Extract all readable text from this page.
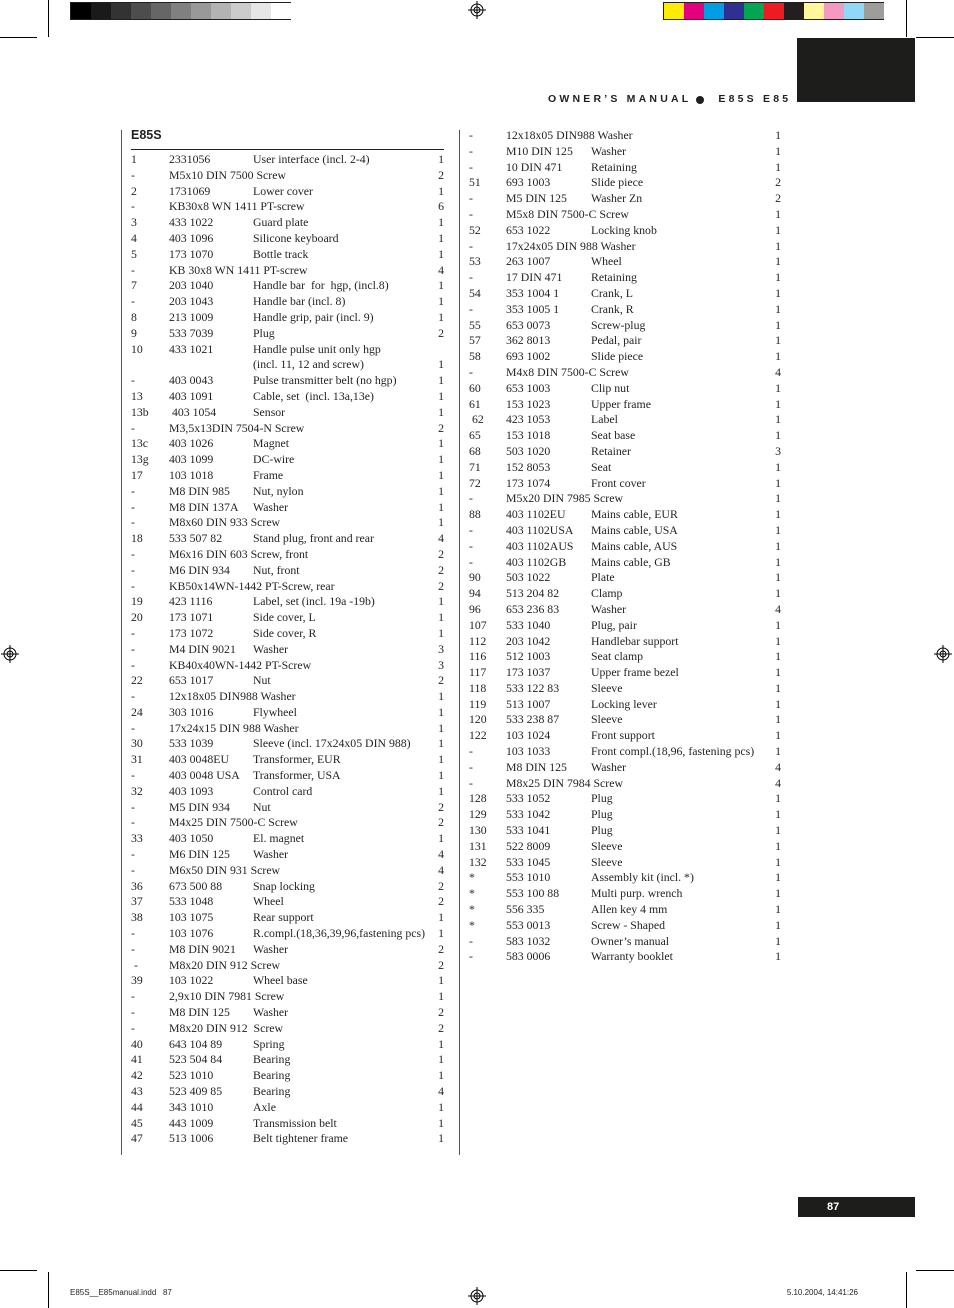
OWNER’S MANUAL	E85S E85
E85S
1	2331056	User interface (incl. 2-4)	1
-	M5x10 DIN 7500 Screw	2
2	1731069	Lower cover	1
-	KB30x8 WN 1411 PT-screw	6
3	433 1022	Guard plate	1
4	403 1096	Silicone keyboard	1
5	173 1070	Bottle track	1
-	KB 30x8 WN 1411 PT-screw	4
7	203 1040	Handle bar  for  hgp, (incl.8)	1
-	203 1043	Handle bar (incl. 8)	1
8	213 1009	Handle grip, pair (incl. 9)	1
9	533 7039	Plug	2
10	433 1021	Handle pulse unit only hgp
(incl. 11, 12 and screw)	1
-	403 0043	Pulse transmitter belt (no hgp)	1
13	403 1091	Cable, set  (incl. 13a,13e)	1
13b	403 1054	Sensor	1
-	M3,5x13DIN 7504-N Screw	2
13c	403 1026	Magnet	1
13g	403 1099	DC-wire	1
17	103 1018	Frame	1
-	M8 DIN 985	Nut, nylon	1
-	M8 DIN 137A	Washer	1
-	M8x60 DIN 933 Screw	1
18	533 507 82	Stand plug, front and rear	4
-	M6x16 DIN 603 Screw, front	2
-	M6 DIN 934	Nut, front	2
-	KB50x14WN-1442 PT-Screw, rear	2
19	423 1116	Label, set (incl. 19a -19b)	1
20	173 1071	Side cover, L	1
-	173 1072	Side cover, R	1
-	M4 DIN 9021	Washer	3
-	KB40x40WN-1442 PT-Screw	3
22	653 1017	Nut	2
-	12x18x05 DIN988 Washer	1
24	303 1016	Flywheel	1
-	17x24x15 DIN 988 Washer	1
30	533 1039	Sleeve (incl. 17x24x05 DIN 988)	1
31	403 0048EU	Transformer, EUR	1
-	403 0048 USA	Transformer, USA	1
32	403 1093	Control card	1
-	M5 DIN 934	Nut	2
-	M4x25 DIN 7500-C Screw	2
33	403 1050	El. magnet	1
-	M6 DIN 125	Washer	4
-	M6x50 DIN 931 Screw	4
36	673 500 88	Snap locking	2
37	533 1048	Wheel	2
38	103 1075	Rear support	1
-	103 1076	R.compl.(18,36,39,96,fastening pcs)	1
-	M8 DIN 9021	Washer	2
-	M8x20 DIN 912 Screw	2
39	103 1022	Wheel base	1
-	2,9x10 DIN 7981 Screw	1
-	M8 DIN 125	Washer	2
-	M8x20 DIN 912  Screw	2
40	643 104 89	Spring	1
41	523 504 84	Bearing	1
42	523 1010	Bearing	1
43	523 409 85	Bearing	4
44	343 1010	Axle	1
45	443 1009	Transmission belt	1
47	513 1006	Belt tightener frame	1
-	12x18x05 DIN988 Washer	1
-	M10 DIN 125	Washer	1
-	10 DIN 471	Retaining	1
51	693 1003	Slide piece	2
-	M5 DIN 125	Washer Zn	2
-	M5x8 DIN 7500-C Screw	1
52	653 1022	Locking knob	1
-	17x24x05 DIN 988 Washer	1
53	263 1007	Wheel	1
-	17 DIN 471	Retaining	1
54	353 1004 1	Crank, L	1
-	353 1005 1	Crank, R	1
55	653 0073	Screw-plug	1
57	362 8013	Pedal, pair	1
58	693 1002	Slide piece	1
-	M4x8 DIN 7500-C Screw	4
60	653 1003	Clip nut	1
61	153 1023	Upper frame	1
62	423 1053	Label	1
65	153 1018	Seat base	1
68	503 1020	Retainer	3
71	152 8053	Seat	1
72	173 1074	Front cover	1
-	M5x20 DIN 7985 Screw	1
88	403 1102EU	Mains cable, EUR	1
-	403 1102USA	Mains cable, USA	1
-	403 1102AUS	Mains cable, AUS	1
-	403 1102GB	Mains cable, GB	1
90	503 1022	Plate	1
94	513 204 82	Clamp	1
96	653 236 83	Washer	4
107	533 1040	Plug, pair	1
112	203 1042	Handlebar support	1
116	512 1003	Seat clamp	1
117	173 1037	Upper frame bezel	1
118	533 122 83	Sleeve	1
119	513 1007	Locking lever	1
120	533 238 87	Sleeve	1
122	103 1024	Front support	1
-	103 1033	Front compl.(18,96, fastening pcs)	1
-	M8 DIN 125	Washer	4
-	M8x25 DIN 7984 Screw	4
128	533 1052	Plug	1
129	533 1042	Plug	1
130	533 1041	Plug	1
131	522 8009	Sleeve	1
132	533 1045	Sleeve	1
*	553 1010	Assembly kit (incl. *)	1
*	553 100 88	Multi purp. wrench	1
*	556 335	Allen key 4 mm	1
*	553 0013	Screw - Shaped	1
-	583 1032	Owner’s manual	1
-	583 0006	Warranty booklet	1
87
E85S__E85manual.indd   87	5.10.2004, 14:41:26
